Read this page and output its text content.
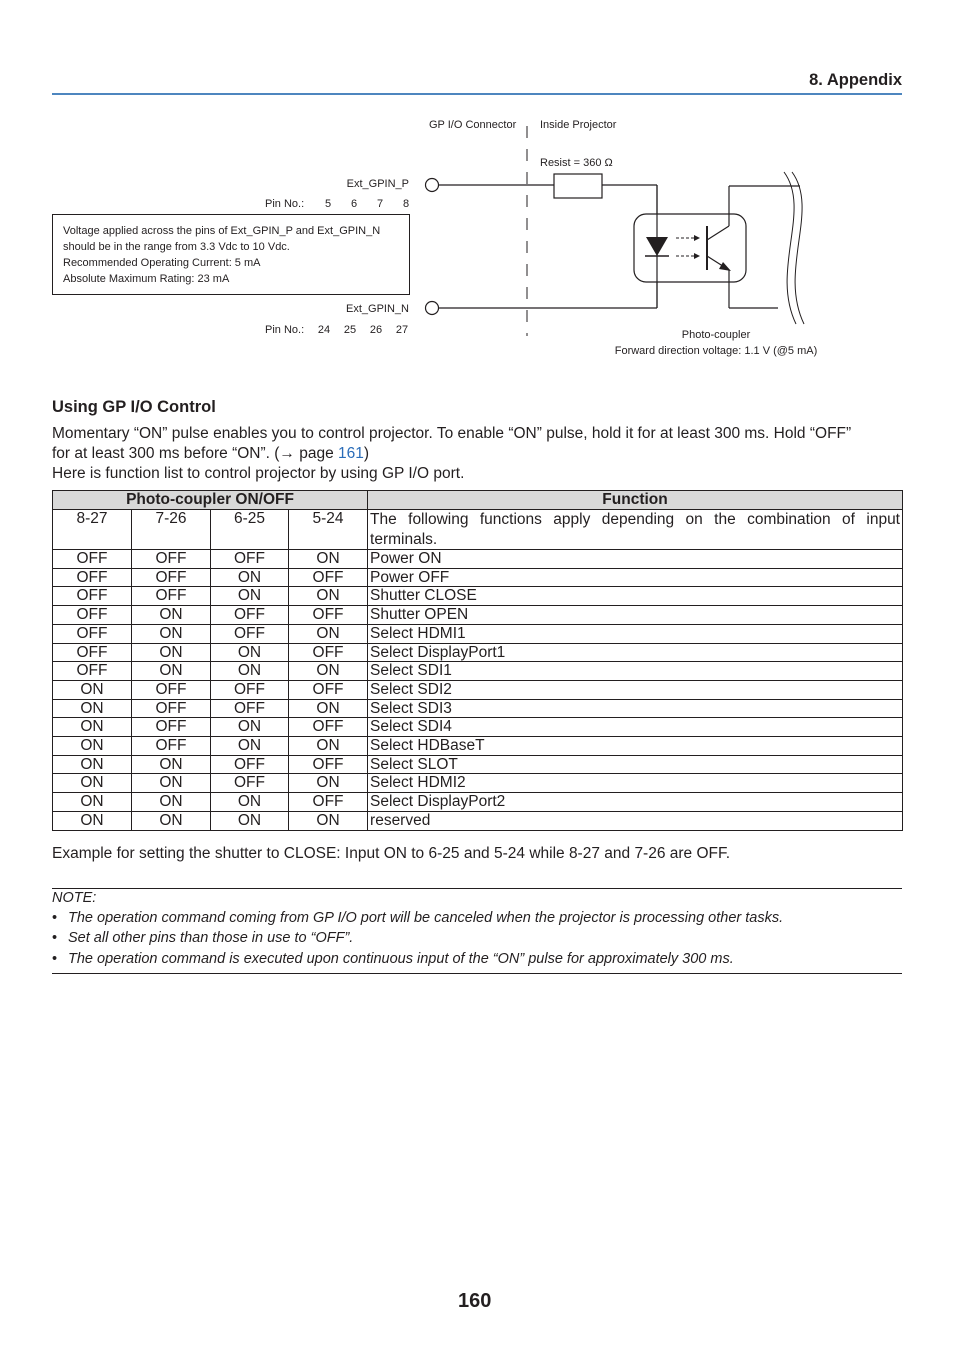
8. Appendix
GP I/O Connector Inside Projector
Resist = 360 Ω
Ext_GPIN_P
Pin No.: 5 6 7 8
Voltage applied across the pins of Ext_GPIN_P and Ext_GPIN_N
should be in the range from 3.3 Vdc to 10 Vdc.
Recommended Operating Current: 5 mA
Absolute Maximum Rating: 23 mA
Ext_GPIN_N
Pin No.: 24 25 26 27	Photo-coupler
Forward direction voltage: 1.1 V (@5 mA)
Using GP I/O Control
Momentary “ON” pulse enables you to control projector. To enable “ON” pulse, hold it for at least 300 ms. Hold “OFF”
for at least 300 ms before “ON”. (→ page 161)
Here is function list to control projector by using GP I/O port.
Photo-coupler ON/OFF				Function
8-27	7-26	6-25	5-24	The following functions apply depending on the combination of input terminals.
OFF	OFF	OFF	ON	Power ON
OFF	OFF	ON	OFF	Power OFF
OFF	OFF	ON	ON	Shutter CLOSE
OFF	ON	OFF	OFF	Shutter OPEN
OFF	ON	OFF	ON	Select HDMI1
OFF	ON	ON	OFF	Select DisplayPort1
OFF	ON	ON	ON	Select SDI1
ON	OFF	OFF	OFF	Select SDI2
ON	OFF	OFF	ON	Select SDI3
ON	OFF	ON	OFF	Select SDI4
ON	OFF	ON	ON	Select HDBaseT
ON	ON	OFF	OFF	Select SLOT
ON	ON	OFF	ON	Select HDMI2
ON	ON	ON	OFF	Select DisplayPort2
ON	ON	ON	ON	reserved
Example for setting the shutter to CLOSE: Input ON to 6-25 and 5-24 while 8-27 and 7-26 are OFF.
NOTE:
• The operation command coming from GP I/O port will be canceled when the projector is processing other tasks.
• Set all other pins than those in use to “OFF”.
• The operation command is executed upon continuous input of the “ON” pulse for approximately 300 ms.
160
